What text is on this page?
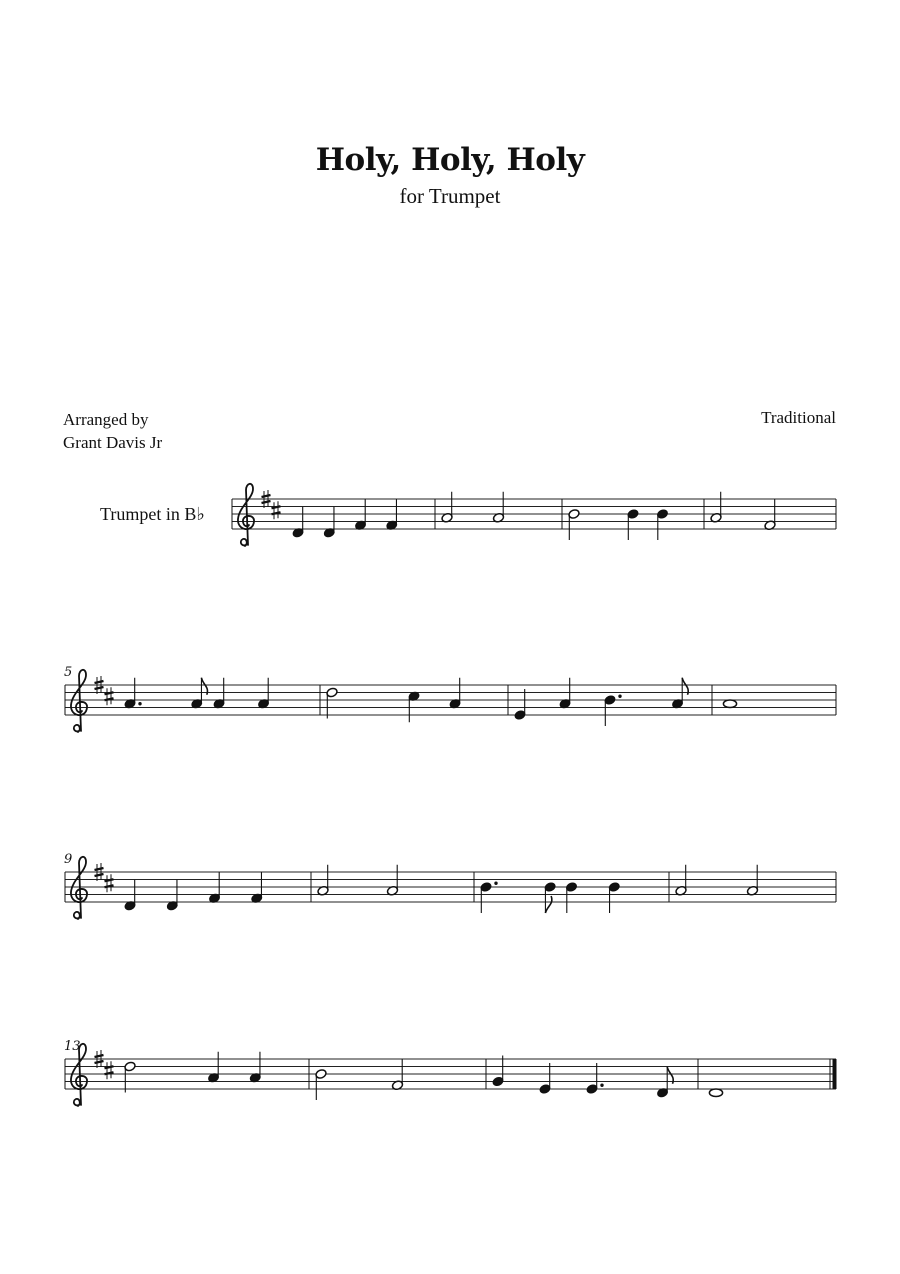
Holy, Holy, Holy
for Trumpet
Arranged by
Grant Davis Jr
Traditional
Trumpet in B♭
5
9
13
